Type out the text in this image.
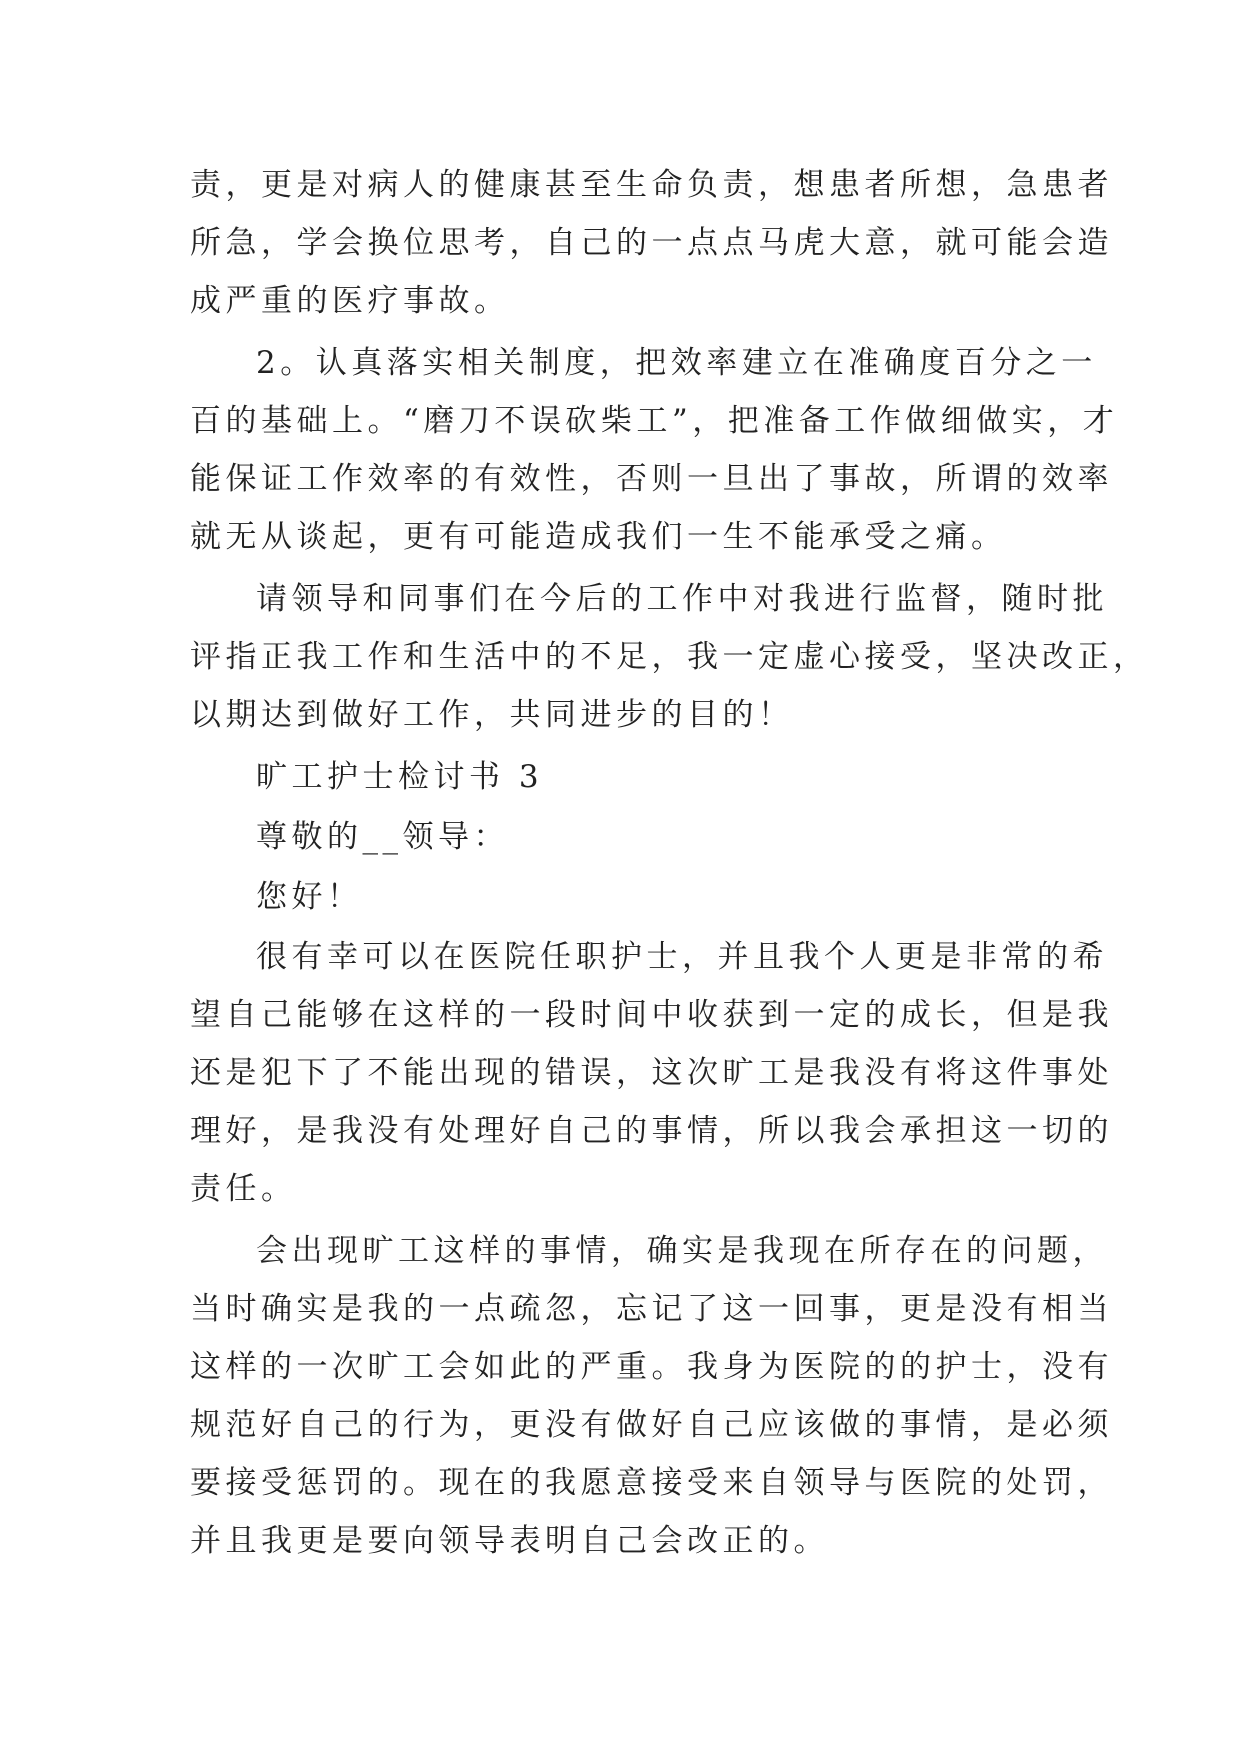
责，更是对病人的健康甚至生命负责，想患者所想，急患者
所急，学会换位思考，自己的一点点马虎大意，就可能会造
成严重的医疗事故。
2。认真落实相关制度，把效率建立在准确度百分之一
百的基础上。“磨刀不误砍柴工”，把准备工作做细做实，才
能保证工作效率的有效性，否则一旦出了事故，所谓的效率
就无从谈起，更有可能造成我们一生不能承受之痛。
请领导和同事们在今后的工作中对我进行监督，随时批
评指正我工作和生活中的不足，我一定虚心接受，坚决改正，
以期达到做好工作，共同进步的目的！
旷工护士检讨书 3
尊敬的__领导：
您好！
很有幸可以在医院任职护士，并且我个人更是非常的希
望自己能够在这样的一段时间中收获到一定的成长，但是我
还是犯下了不能出现的错误，这次旷工是我没有将这件事处
理好，是我没有处理好自己的事情，所以我会承担这一切的
责任。
会出现旷工这样的事情，确实是我现在所存在的问题，
当时确实是我的一点疏忽，忘记了这一回事，更是没有相当
这样的一次旷工会如此的严重。我身为医院的的护士，没有
规范好自己的行为，更没有做好自己应该做的事情，是必须
要接受惩罚的。现在的我愿意接受来自领导与医院的处罚，
并且我更是要向领导表明自己会改正的。
